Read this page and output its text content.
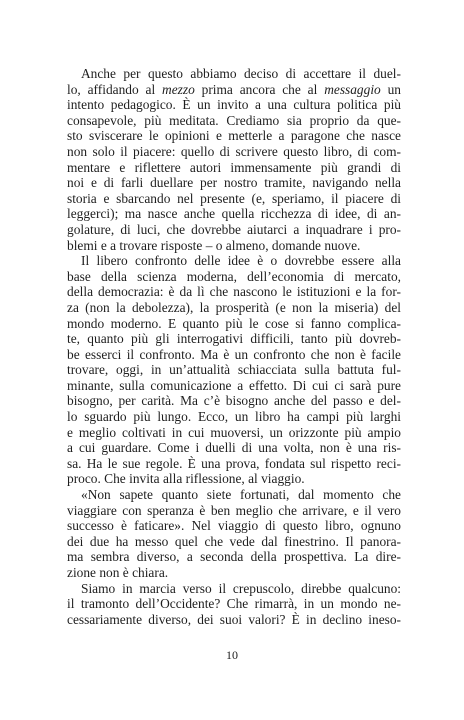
Anche per questo abbiamo deciso di accettare il duel-
lo, affidando al mezzo prima ancora che al messaggio un
intento pedagogico. È un invito a una cultura politica più
consapevole, più meditata. Crediamo sia proprio da que-
sto sviscerare le opinioni e metterle a paragone che nasce
non solo il piacere: quello di scrivere questo libro, di com-
mentare e riflettere autori immensamente più grandi di
noi e di farli duellare per nostro tramite, navigando nella
storia e sbarcando nel presente (e, speriamo, il piacere di
leggerci); ma nasce anche quella ricchezza di idee, di an-
golature, di luci, che dovrebbe aiutarci a inquadrare i pro-
blemi e a trovare risposte – o almeno, domande nuove.
Il libero confronto delle idee è o dovrebbe essere alla
base della scienza moderna, dell’economia di mercato,
della democrazia: è da lì che nascono le istituzioni e la for-
za (non la debolezza), la prosperità (e non la miseria) del
mondo moderno. E quanto più le cose si fanno complica-
te, quanto più gli interrogativi difficili, tanto più dovreb-
be esserci il confronto. Ma è un confronto che non è facile
trovare, oggi, in un’attualità schiacciata sulla battuta ful-
minante, sulla comunicazione a effetto. Di cui ci sarà pure
bisogno, per carità. Ma c’è bisogno anche del passo e del-
lo sguardo più lungo. Ecco, un libro ha campi più larghi
e meglio coltivati in cui muoversi, un orizzonte più ampio
a cui guardare. Come i duelli di una volta, non è una ris-
sa. Ha le sue regole. È una prova, fondata sul rispetto reci-
proco. Che invita alla riflessione, al viaggio.
«Non sapete quanto siete fortunati, dal momento che
viaggiare con speranza è ben meglio che arrivare, e il vero
successo è faticare». Nel viaggio di questo libro, ognuno
dei due ha messo quel che vede dal finestrino. Il panora-
ma sembra diverso, a seconda della prospettiva. La dire-
zione non è chiara.
Siamo in marcia verso il crepuscolo, direbbe qualcuno:
il tramonto dell’Occidente? Che rimarrà, in un mondo ne-
cessariamente diverso, dei suoi valori? È in declino ineso-
10
